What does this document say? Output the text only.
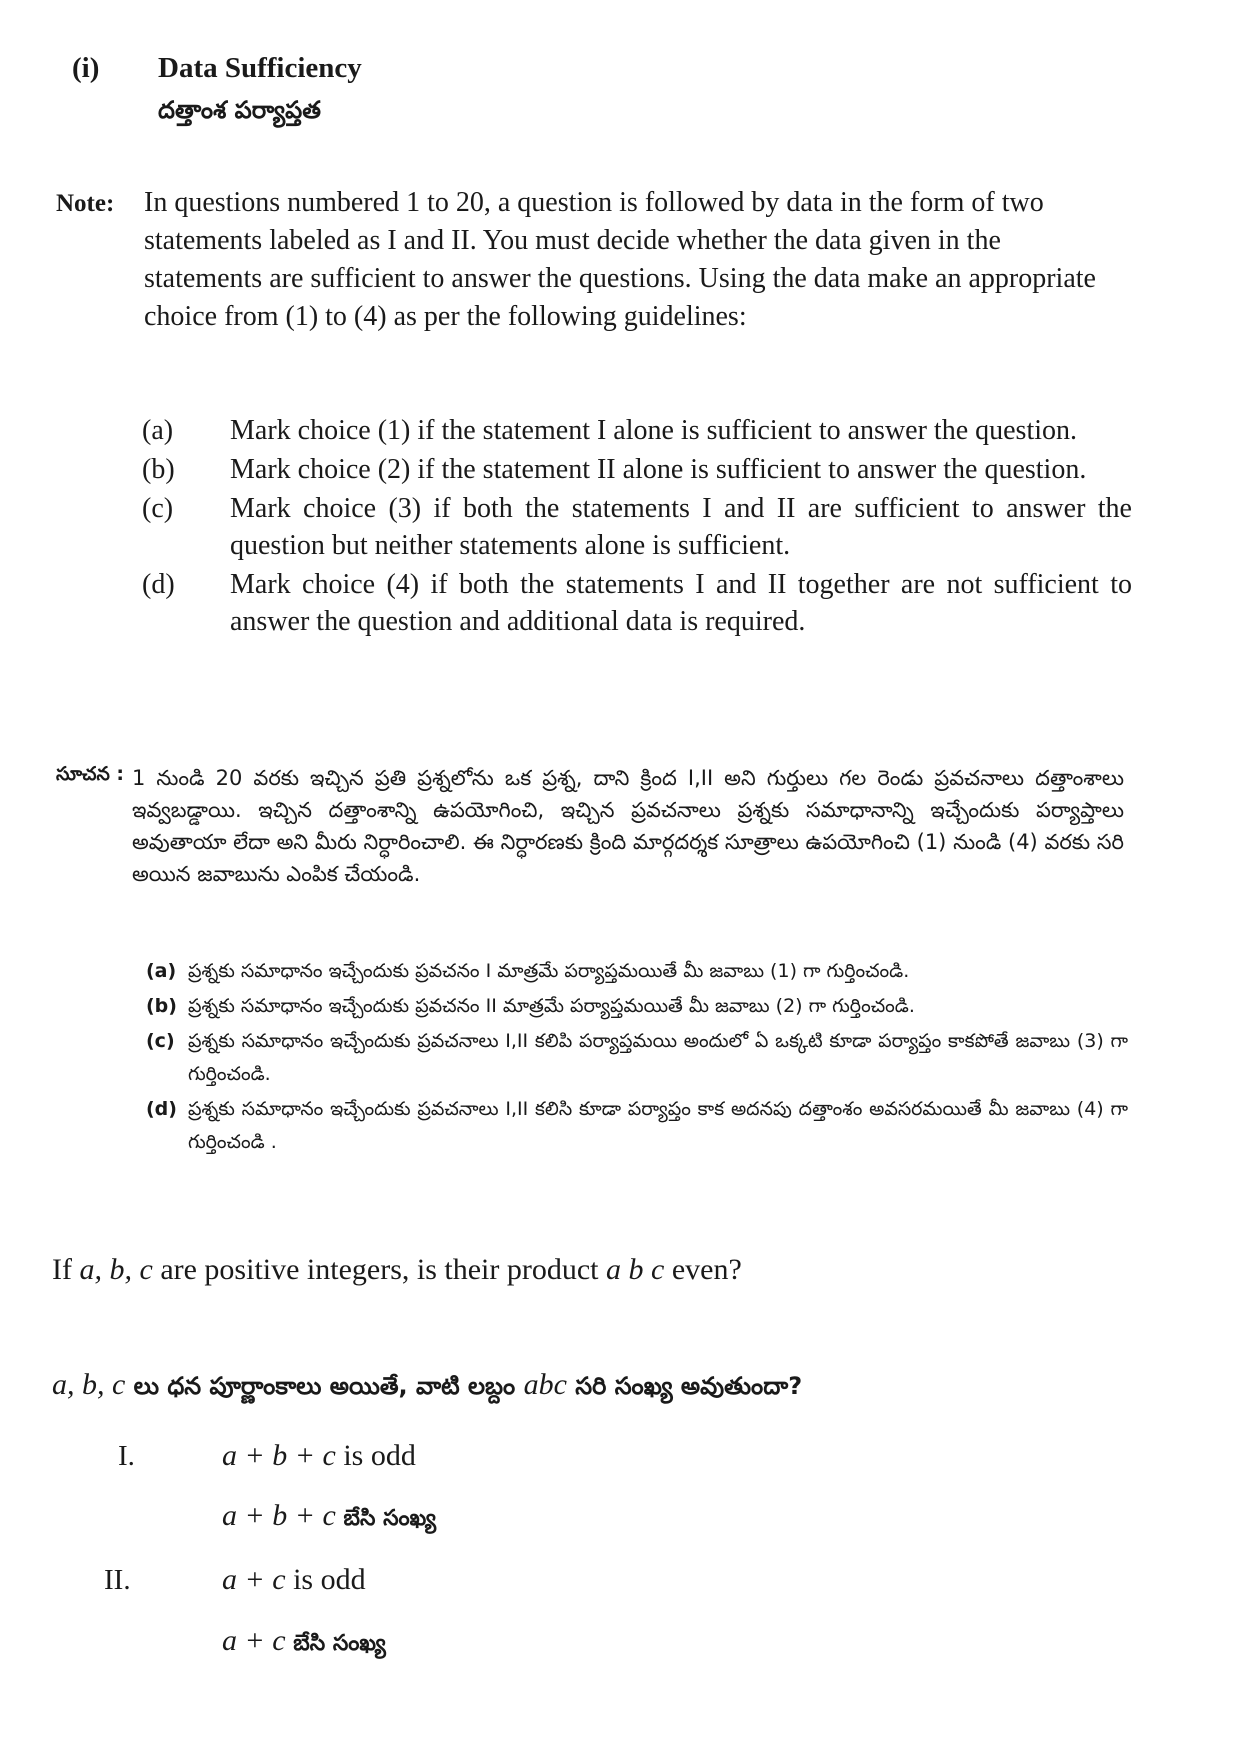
(i) Data Sufficiency
దత్తాంశ పర్యాప్తత
Note: In questions numbered 1 to 20, a question is followed by data in the form of two statements labeled as I and II. You must decide whether the data given in the statements are sufficient to answer the questions. Using the data make an appropriate choice from (1) to (4) as per the following guidelines:
(a)	Mark choice (1) if the statement I alone is sufficient to answer the question.
(b)	Mark choice (2) if the statement II alone is sufficient to answer the question.
(c)	Mark choice (3) if both the statements I and II are sufficient to answer the question but neither statements alone is sufficient.
(d)	Mark choice (4) if both the statements I and II together are not sufficient to answer the question and additional data is required.
సూచన : 1 నుండి 20 వరకు ఇచ్చిన ప్రతి ప్రశ్నలోను ఒక ప్రశ్న, దాని క్రింద I,II అని గుర్తులు గల రెండు ప్రవచనాలు దత్తాంశాలు ఇవ్వబడ్డాయి. ఇచ్చిన దత్తాంశాన్ని ఉపయోగించి, ఇచ్చిన ప్రవచనాలు ప్రశ్నకు సమాధానాన్ని ఇచ్చేందుకు పర్యాప్తాలు అవుతాయా లేదా అని మీరు నిర్ధారించాలి. ఈ నిర్ధారణకు క్రింది మార్గదర్శక సూత్రాలు ఉపయోగించి (1) నుండి (4) వరకు సరి అయిన జవాబును ఎంపిక చేయండి.
(a) ప్రశ్నకు సమాధానం ఇచ్చేందుకు ప్రవచనం I మాత్రమే పర్యాప్తమయితే మీ జవాబు (1) గా గుర్తించండి.
(b) ప్రశ్నకు సమాధానం ఇచ్చేందుకు ప్రవచనం II మాత్రమే పర్యాప్తమయితే మీ జవాబు (2) గా గుర్తించండి.
(c) ప్రశ్నకు సమాధానం ఇచ్చేందుకు ప్రవచనాలు I,II కలిపి పర్యాప్తమయి అందులో ఏ ఒక్కటి కూడా పర్యాప్తం కాకపోతే జవాబు (3) గా గుర్తించండి.
(d) ప్రశ్నకు సమాధానం ఇచ్చేందుకు ప్రవచనాలు I,II కలిసి కూడా పర్యాప్తం కాక అదనపు దత్తాంశం అవసరమయితే మీ జవాబు (4) గా గుర్తించండి .
If a, b, c are positive integers, is their product a b c even?
a, b, c లు ధన పూర్ణాంకాలు అయితే, వాటి లబ్దం abc సరి సంఖ్య అవుతుందా?
I.	a + b + c is odd
a + b + c బేసి సంఖ్య
II.	a + c is odd
a + c బేసి సంఖ్య
